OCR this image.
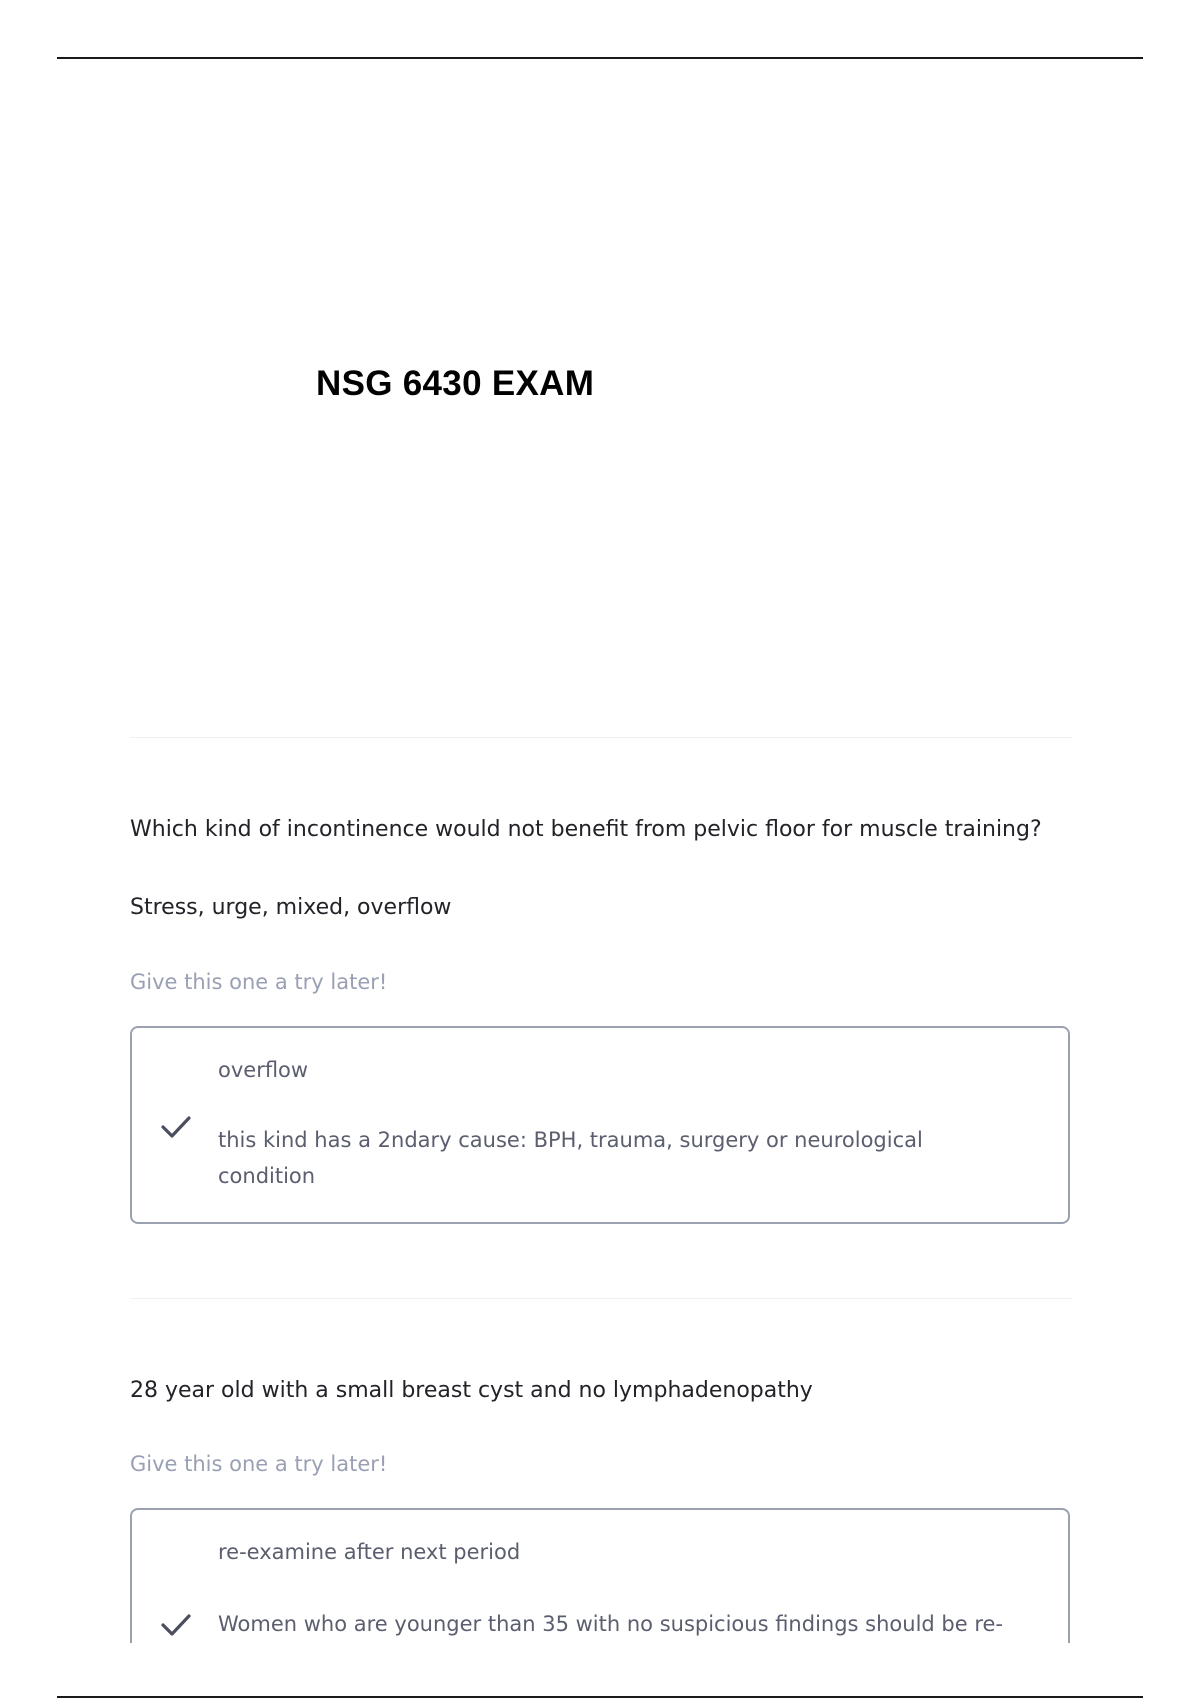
NSG 6430 EXAM

Which kind of incontinence would not benefit from pelvic floor for muscle training?

Stress, urge, mixed, overflow

Give this one a try later!

overflow

this kind has a 2ndary cause: BPH, trauma, surgery or neurological condition

28 year old with a small breast cyst and no lymphadenopathy

Give this one a try later!

re-examine after next period

Women who are younger than 35 with no suspicious findings should be re-
